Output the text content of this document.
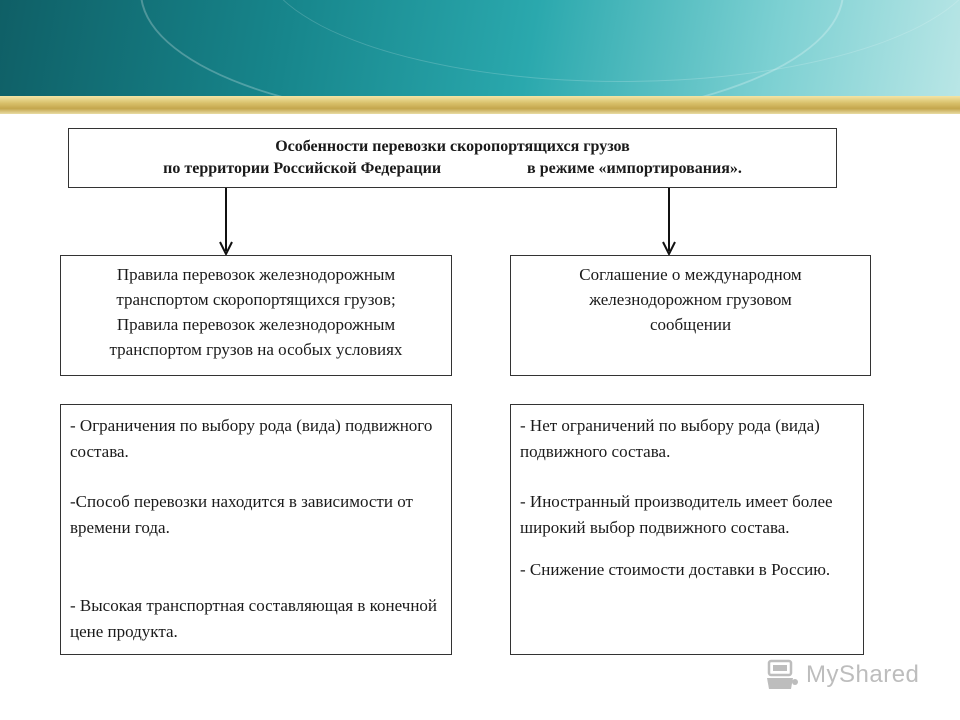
Особенности перевозки скоропортящихся грузов
по территории Российской Федерации	в режиме «импортирования».
Правила перевозок железнодорожным
транспортом скоропортящихся грузов;
Правила перевозок железнодорожным
транспортом грузов на особых условиях
Соглашение о международном
железнодорожном грузовом
сообщении

- Ограничения по выбору рода (вида) подвижного состава.

-Способ перевозки находится в зависимости от времени года.

- Высокая транспортная составляющая в конечной цене продукта.

- Нет ограничений по выбору рода (вида) подвижного состава.

- Иностранный производитель имеет более широкий выбор подвижного состава.

- Снижение стоимости доставки в Россию.

MyShared
